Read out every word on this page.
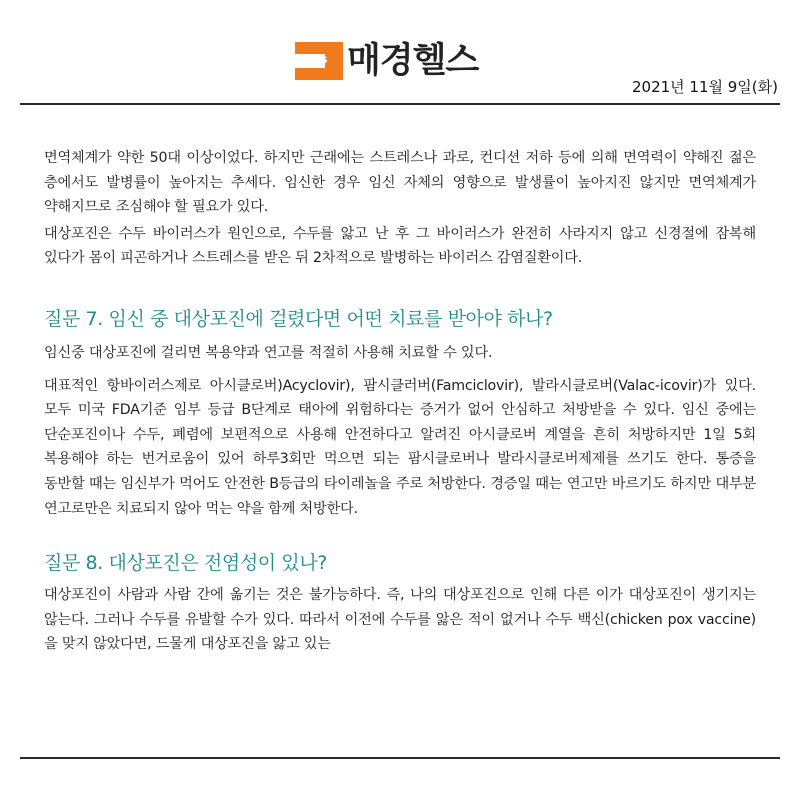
NEWS 매경헬스
2021년 11월 9일(화)

면역체계가 약한 50대 이상이었다. 하지만 근래에는 스트레스나 과로, 컨디션 저하 등에 의해 면역력이 약해진 젊은 층에서도 발병률이 높아지는 추세다. 임신한 경우 임신 자체의 영향으로 발생률이 높아지진 않지만 면역체계가 약해지므로 조심해야 할 필요가 있다.

대상포진은 수두 바이러스가 원인으로, 수두를 앓고 난 후 그 바이러스가 완전히 사라지지 않고 신경절에 잠복해 있다가 몸이 피곤하거나 스트레스를 받은 뒤 2차적으로 발병하는 바이러스 감염질환이다.

질문 7. 임신 중 대상포진에 걸렸다면 어떤 치료를 받아야 하나?

임신중 대상포진에 걸리면 복용약과 연고를 적절히 사용해 치료할 수 있다.

대표적인 항바이러스제로 아시클로버)Acyclovir), 팜시클러버(Famciclovir), 발라시클로버(Valac-icovir)가 있다. 모두 미국 FDA기준 임부 등급 B단계로 태아에 위험하다는 증거가 없어 안심하고 처방받을 수 있다. 임신 중에는 단순포진이나 수두, 폐렴에 보편적으로 사용해 안전하다고 알려진 아시클로버 계열을 흔히 처방하지만 1일 5회 복용해야 하는 번거로움이 있어 하루3회만 먹으면 되는 팜시클로버나 발라시클로버제제를 쓰기도 한다. 통증을 동반할 때는 임신부가 먹어도 안전한 B등급의 타이레놀을 주로 처방한다. 경증일 때는 연고만 바르기도 하지만 대부분 연고로만은 치료되지 않아 먹는 약을 함께 처방한다.

질문 8. 대상포진은 전염성이 있나?

대상포진이 사람과 사람 간에 옮기는 것은 불가능하다. 즉, 나의 대상포진으로 인해 다른 이가 대상포진이 생기지는 않는다. 그러나 수두를 유발할 수가 있다. 따라서 이전에 수두를 앓은 적이 없거나 수두 백신(chicken pox vaccine)을 맞지 않았다면, 드물게 대상포진을 앓고 있는
